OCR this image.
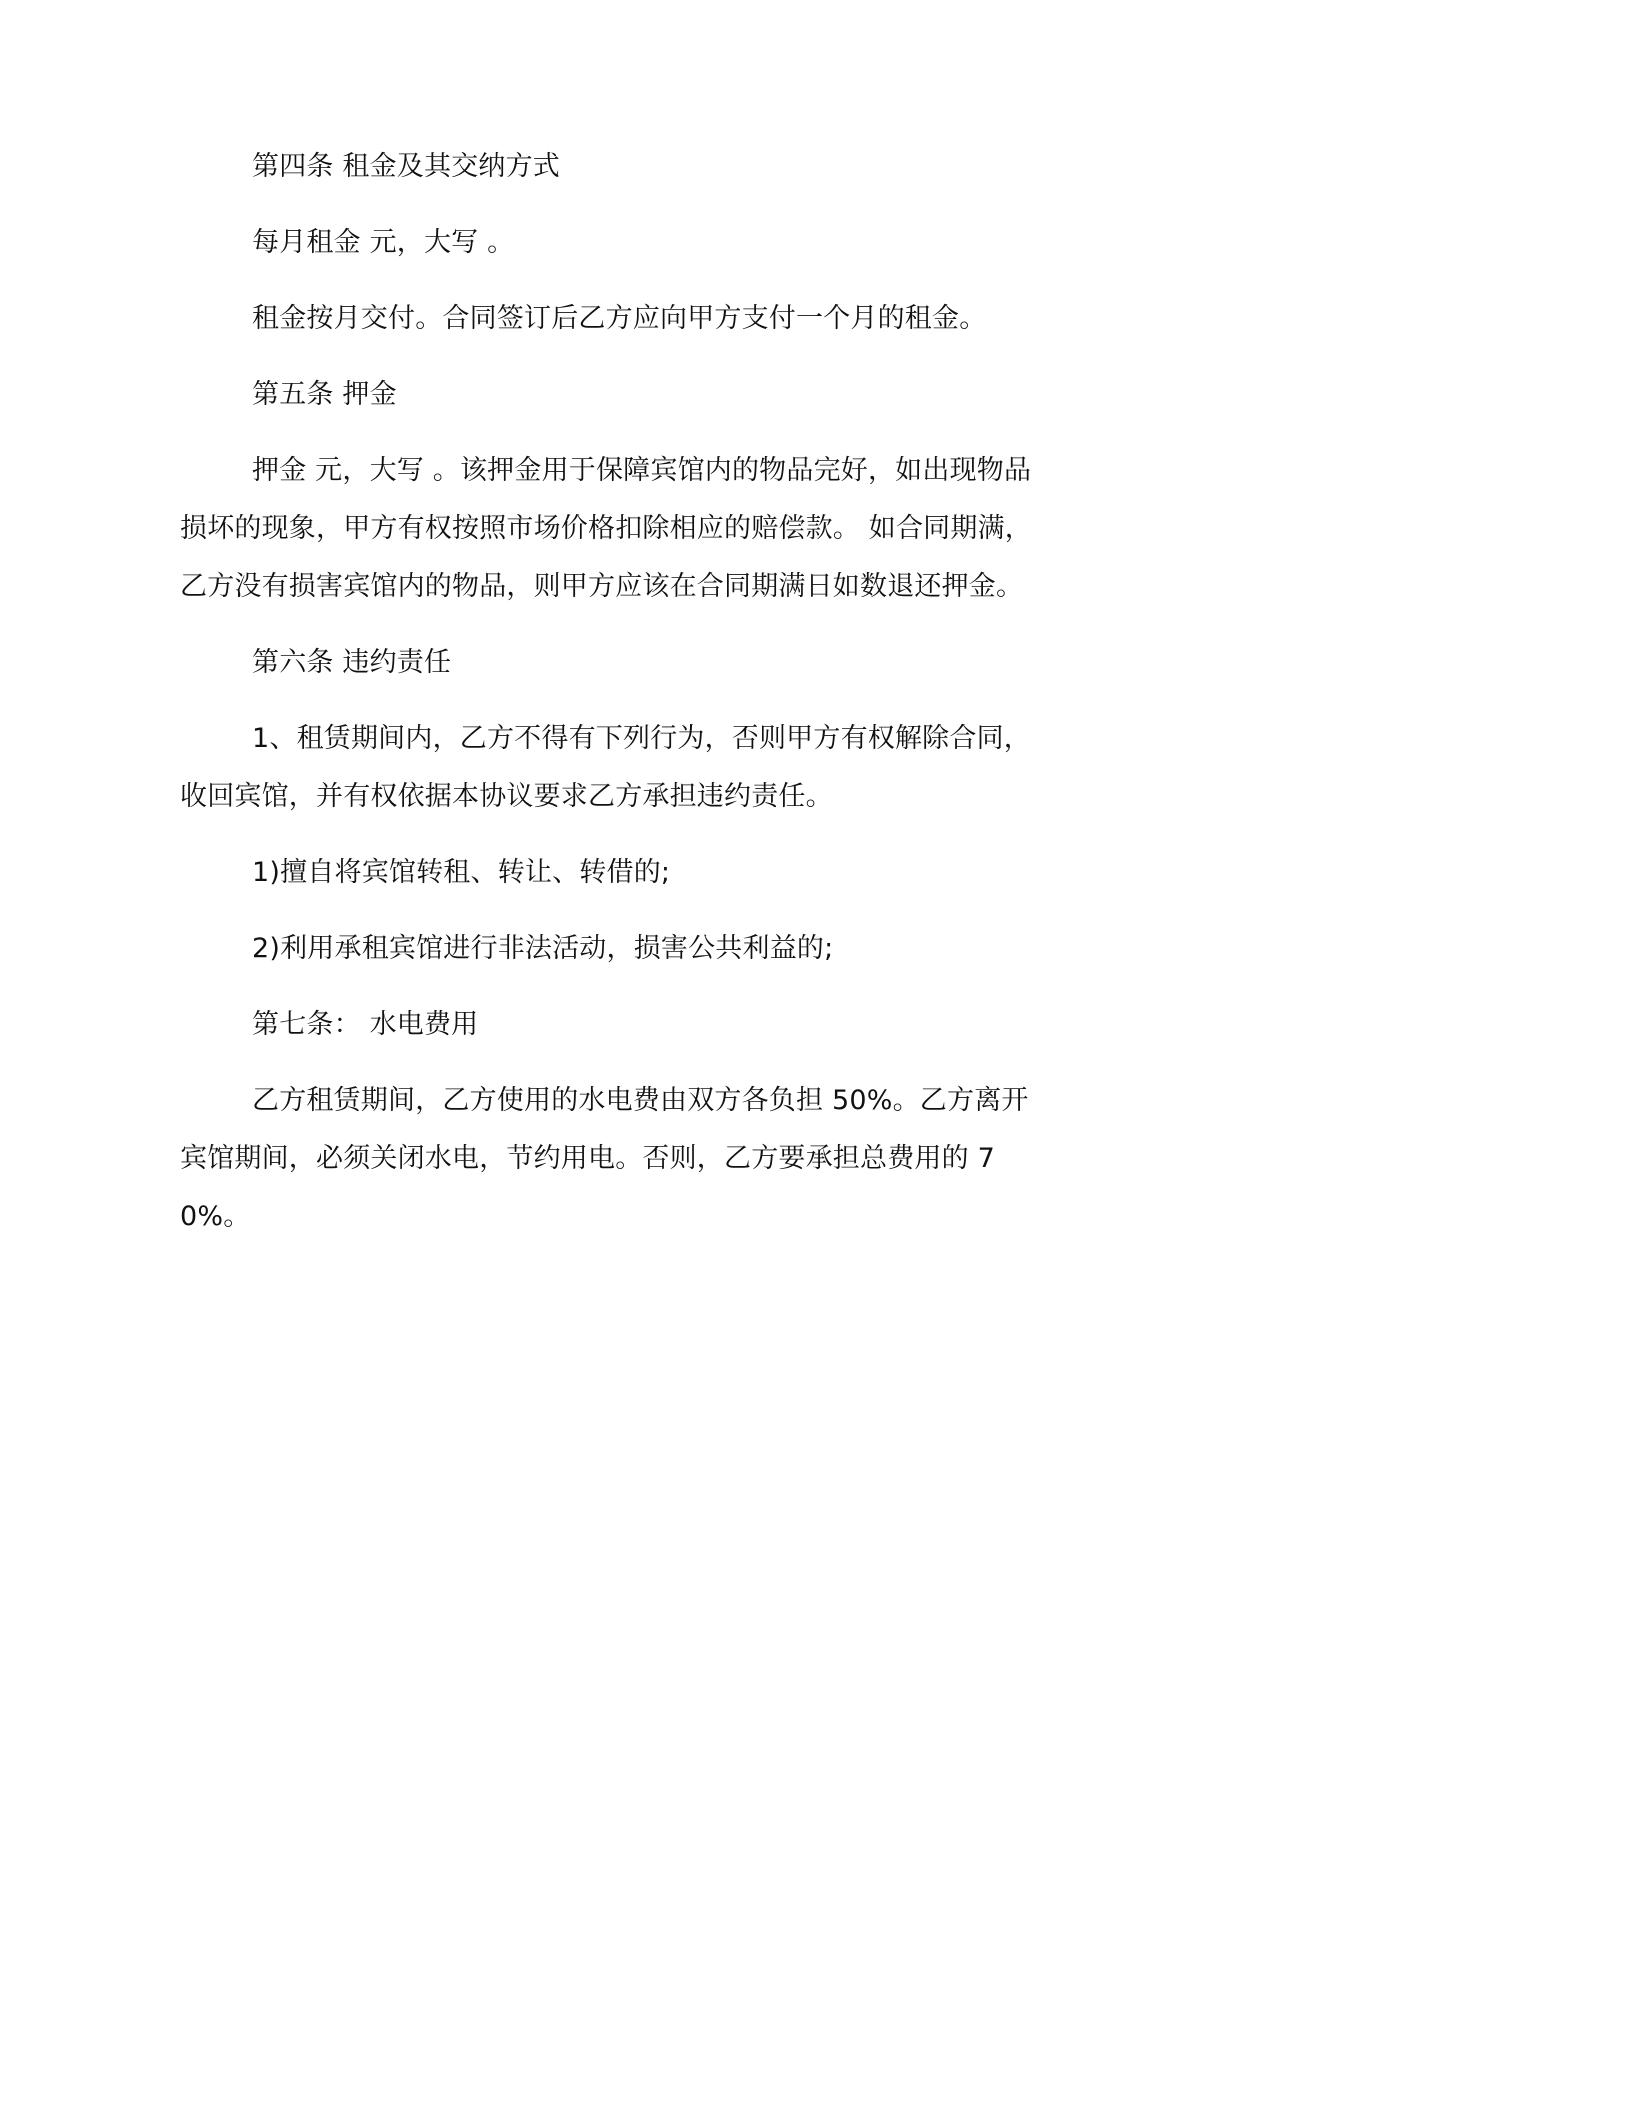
第四条 租金及其交纳方式

每月租金 元，大写 。

租金按月交付。合同签订后乙方应向甲方支付一个月的租金。

第五条 押金

押金 元，大写 。该押金用于保障宾馆内的物品完好，如出现物品损坏的现象，甲方有权按照市场价格扣除相应的赔偿款。 如合同期满，乙方没有损害宾馆内的物品，则甲方应该在合同期满日如数退还押金。

第六条 违约责任

1、租赁期间内，乙方不得有下列行为，否则甲方有权解除合同，收回宾馆，并有权依据本协议要求乙方承担违约责任。

1)擅自将宾馆转租、转让、转借的;

2)利用承租宾馆进行非法活动，损害公共利益的;

第七条： 水电费用

乙方租赁期间，乙方使用的水电费由双方各负担 50%。乙方离开宾馆期间，必须关闭水电，节约用电。否则，乙方要承担总费用的 70%。
